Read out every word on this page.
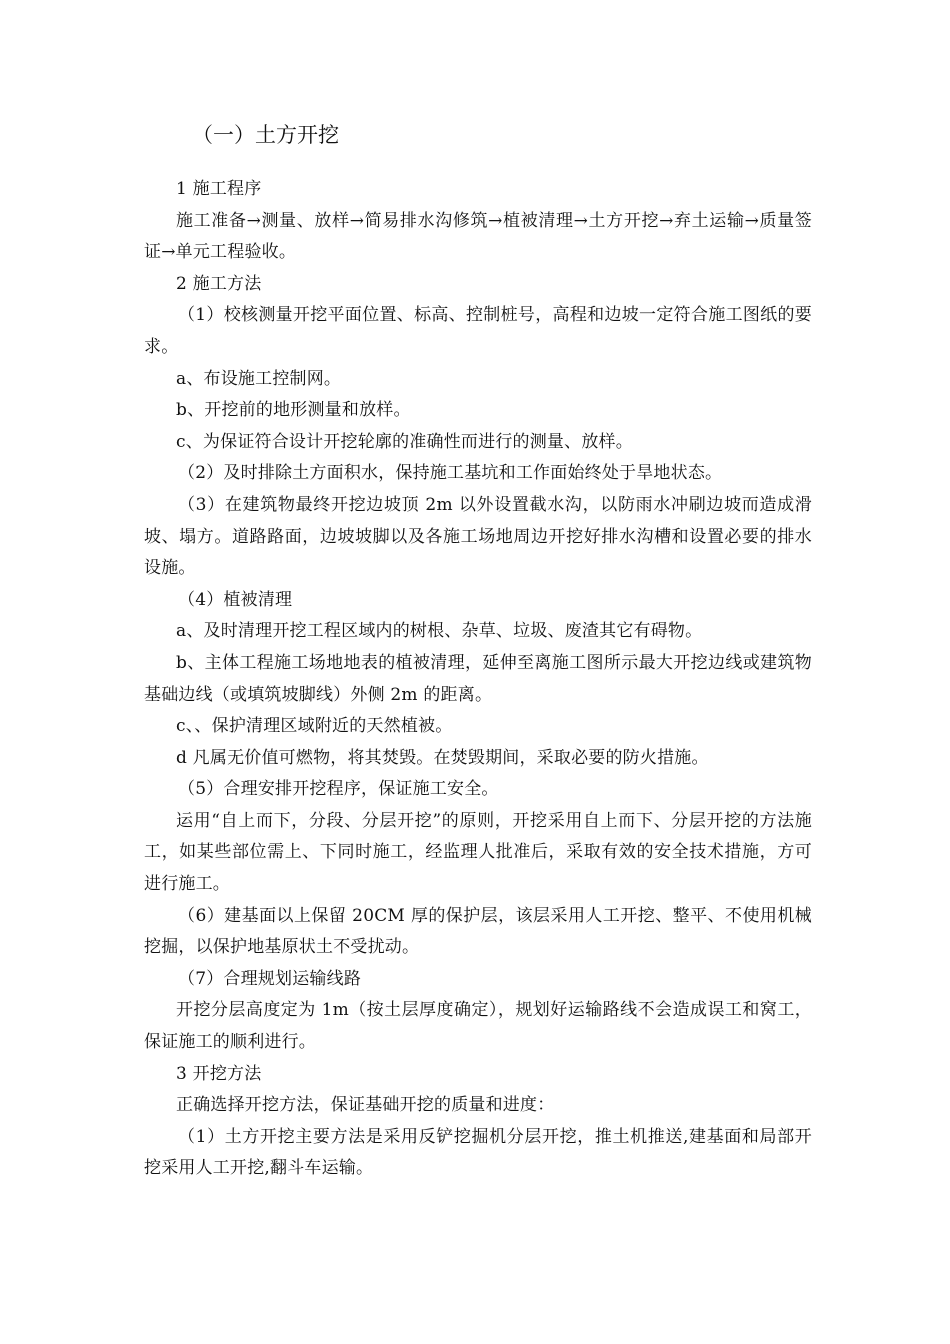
（一）土方开挖

1 施工程序

施工准备→测量、放样→简易排水沟修筑→植被清理→土方开挖→弃土运输→质量签证→单元工程验收。

2 施工方法

（1）校核测量开挖平面位置、标高、控制桩号，高程和边坡一定符合施工图纸的要求。

a、布设施工控制网。

b、开挖前的地形测量和放样。

c、为保证符合设计开挖轮廓的准确性而进行的测量、放样。

（2）及时排除土方面积水，保持施工基坑和工作面始终处于旱地状态。

（3）在建筑物最终开挖边坡顶 2m 以外设置截水沟，以防雨水冲刷边坡而造成滑坡、塌方。道路路面，边坡坡脚以及各施工场地周边开挖好排水沟槽和设置必要的排水设施。

（4）植被清理

a、及时清理开挖工程区域内的树根、杂草、垃圾、废渣其它有碍物。

b、主体工程施工场地地表的植被清理，延伸至离施工图所示最大开挖边线或建筑物基础边线（或填筑坡脚线）外侧 2m 的距离。

c、、保护清理区域附近的天然植被。

d 凡属无价值可燃物，将其焚毁。在焚毁期间，采取必要的防火措施。

（5）合理安排开挖程序，保证施工安全。

运用“自上而下，分段、分层开挖”的原则，开挖采用自上而下、分层开挖的方法施工，如某些部位需上、下同时施工，经监理人批准后，采取有效的安全技术措施，方可进行施工。

（6）建基面以上保留 20CM 厚的保护层，该层采用人工开挖、整平、不使用机械挖掘，以保护地基原状土不受扰动。

（7）合理规划运输线路

开挖分层高度定为 1m（按土层厚度确定），规划好运输路线不会造成误工和窝工，保证施工的顺利进行。

3 开挖方法

正确选择开挖方法，保证基础开挖的质量和进度：

（1）土方开挖主要方法是采用反铲挖掘机分层开挖，推土机推送,建基面和局部开挖采用人工开挖,翻斗车运输。
